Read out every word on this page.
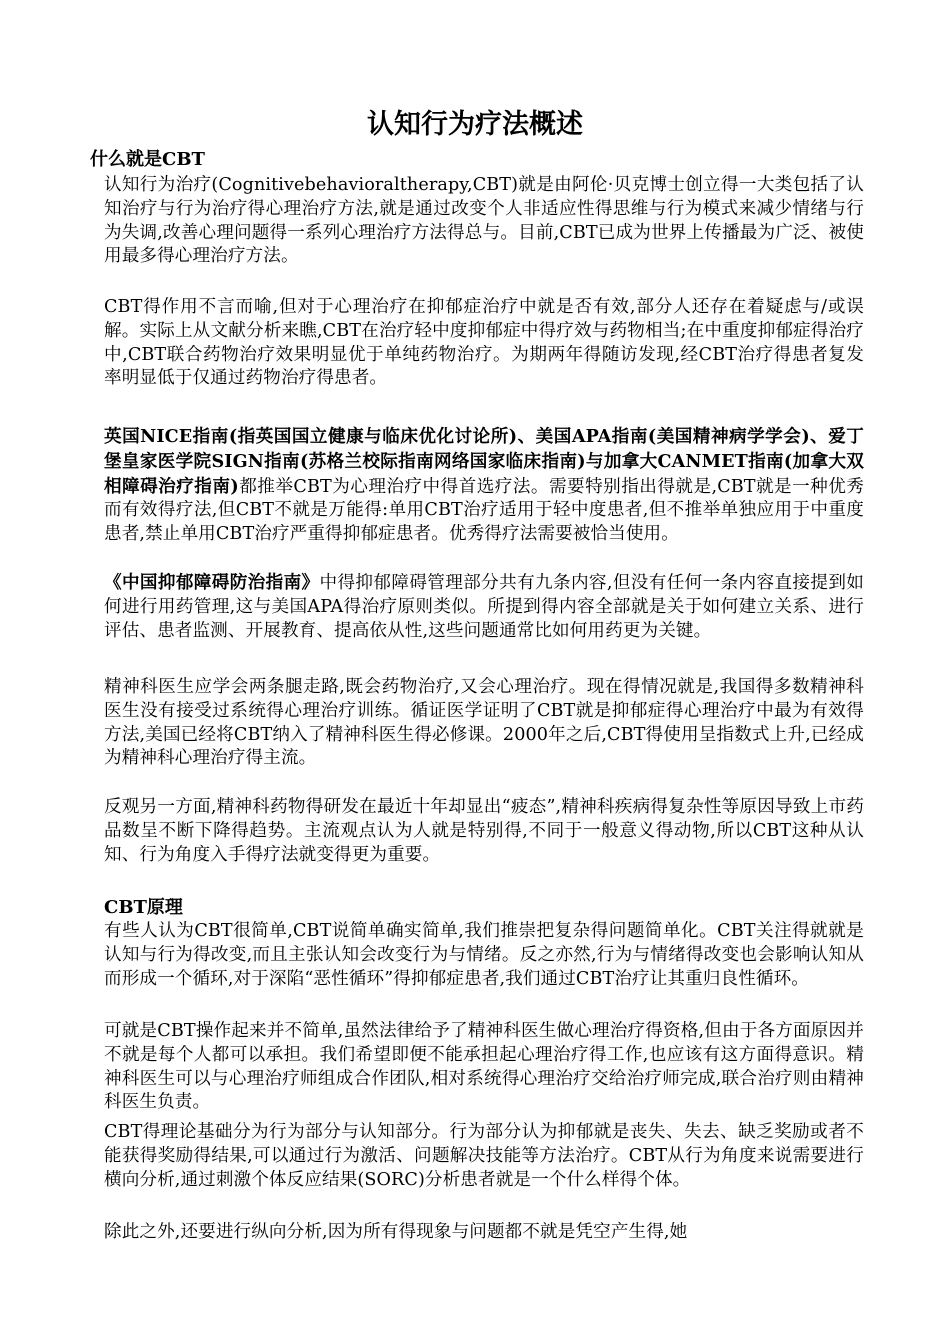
认知行为疗法概述
什么就是CBT
认知行为治疗(Cognitivebehavioraltherapy,CBT)就是由阿伦·贝克博士创立得一大类包括了认知治疗与行为治疗得心理治疗方法,就是通过改变个人非适应性得思维与行为模式来减少情绪与行为失调,改善心理问题得一系列心理治疗方法得总与。目前,CBT已成为世界上传播最为广泛、被使用最多得心理治疗方法。
CBT得作用不言而喻,但对于心理治疗在抑郁症治疗中就是否有效,部分人还存在着疑虑与/或误解。实际上从文献分析来瞧,CBT在治疗轻中度抑郁症中得疗效与药物相当;在中重度抑郁症得治疗中,CBT联合药物治疗效果明显优于单纯药物治疗。为期两年得随访发现,经CBT治疗得患者复发率明显低于仅通过药物治疗得患者。
英国NICE指南(指英国国立健康与临床优化讨论所)、美国APA指南(美国精神病学学会)、爱丁堡皇家医学院SIGN指南(苏格兰校际指南网络国家临床指南)与加拿大CANMET指南(加拿大双相障碍治疗指南)都推举CBT为心理治疗中得首选疗法。需要特别指出得就是,CBT就是一种优秀而有效得疗法,但CBT不就是万能得:单用CBT治疗适用于轻中度患者,但不推举单独应用于中重度患者,禁止单用CBT治疗严重得抑郁症患者。优秀得疗法需要被恰当使用。
《中国抑郁障碍防治指南》中得抑郁障碍管理部分共有九条内容,但没有任何一条内容直接提到如何进行用药管理,这与美国APA得治疗原则类似。所提到得内容全部就是关于如何建立关系、进行评估、患者监测、开展教育、提高依从性,这些问题通常比如何用药更为关键。
精神科医生应学会两条腿走路,既会药物治疗,又会心理治疗。现在得情况就是,我国得多数精神科医生没有接受过系统得心理治疗训练。循证医学证明了CBT就是抑郁症得心理治疗中最为有效得方法,美国已经将CBT纳入了精神科医生得必修课。2000年之后,CBT得使用呈指数式上升,已经成为精神科心理治疗得主流。
反观另一方面,精神科药物得研发在最近十年却显出“疲态”,精神科疾病得复杂性等原因导致上市药品数呈不断下降得趋势。主流观点认为人就是特别得,不同于一般意义得动物,所以CBT这种从认知、行为角度入手得疗法就变得更为重要。
CBT原理
有些人认为CBT很简单,CBT说简单确实简单,我们推崇把复杂得问题简单化。CBT关注得就就是认知与行为得改变,而且主张认知会改变行为与情绪。反之亦然,行为与情绪得改变也会影响认知从而形成一个循环,对于深陷“恶性循环”得抑郁症患者,我们通过CBT治疗让其重归良性循环。
可就是CBT操作起来并不简单,虽然法律给予了精神科医生做心理治疗得资格,但由于各方面原因并不就是每个人都可以承担。我们希望即便不能承担起心理治疗得工作,也应该有这方面得意识。精神科医生可以与心理治疗师组成合作团队,相对系统得心理治疗交给治疗师完成,联合治疗则由精神科医生负责。
CBT得理论基础分为行为部分与认知部分。行为部分认为抑郁就是丧失、失去、缺乏奖励或者不能获得奖励得结果,可以通过行为激活、问题解决技能等方法治疗。CBT从行为角度来说需要进行横向分析,通过刺激个体反应结果(SORC)分析患者就是一个什么样得个体。
除此之外,还要进行纵向分析,因为所有得现象与问题都不就是凭空产生得,她
